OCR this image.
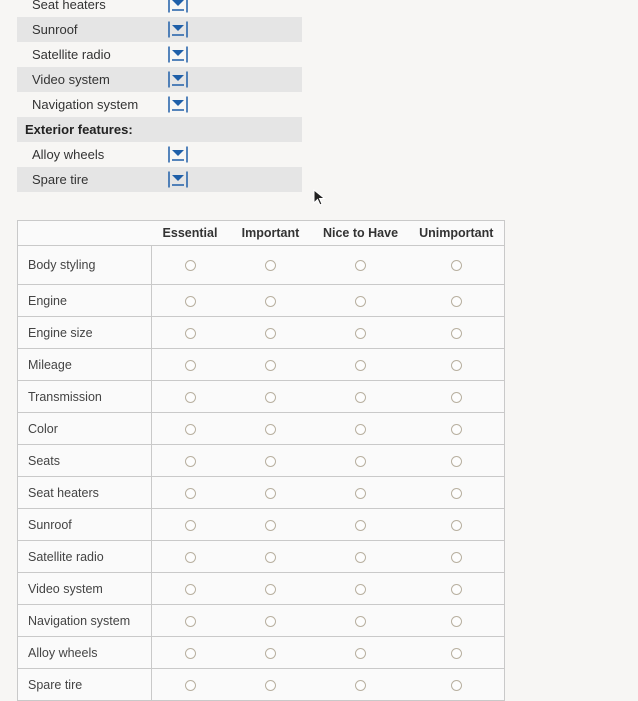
Seat heaters
Sunroof
Satellite radio
Video system
Navigation system
Exterior features:
Alloy wheels
Spare tire
	Essential	Important	Nice to Have	Unimportant
Body styling				
Engine				
Engine size				
Mileage				
Transmission				
Color				
Seats				
Seat heaters				
Sunroof				
Satellite radio				
Video system				
Navigation system				
Alloy wheels				
Spare tire				
